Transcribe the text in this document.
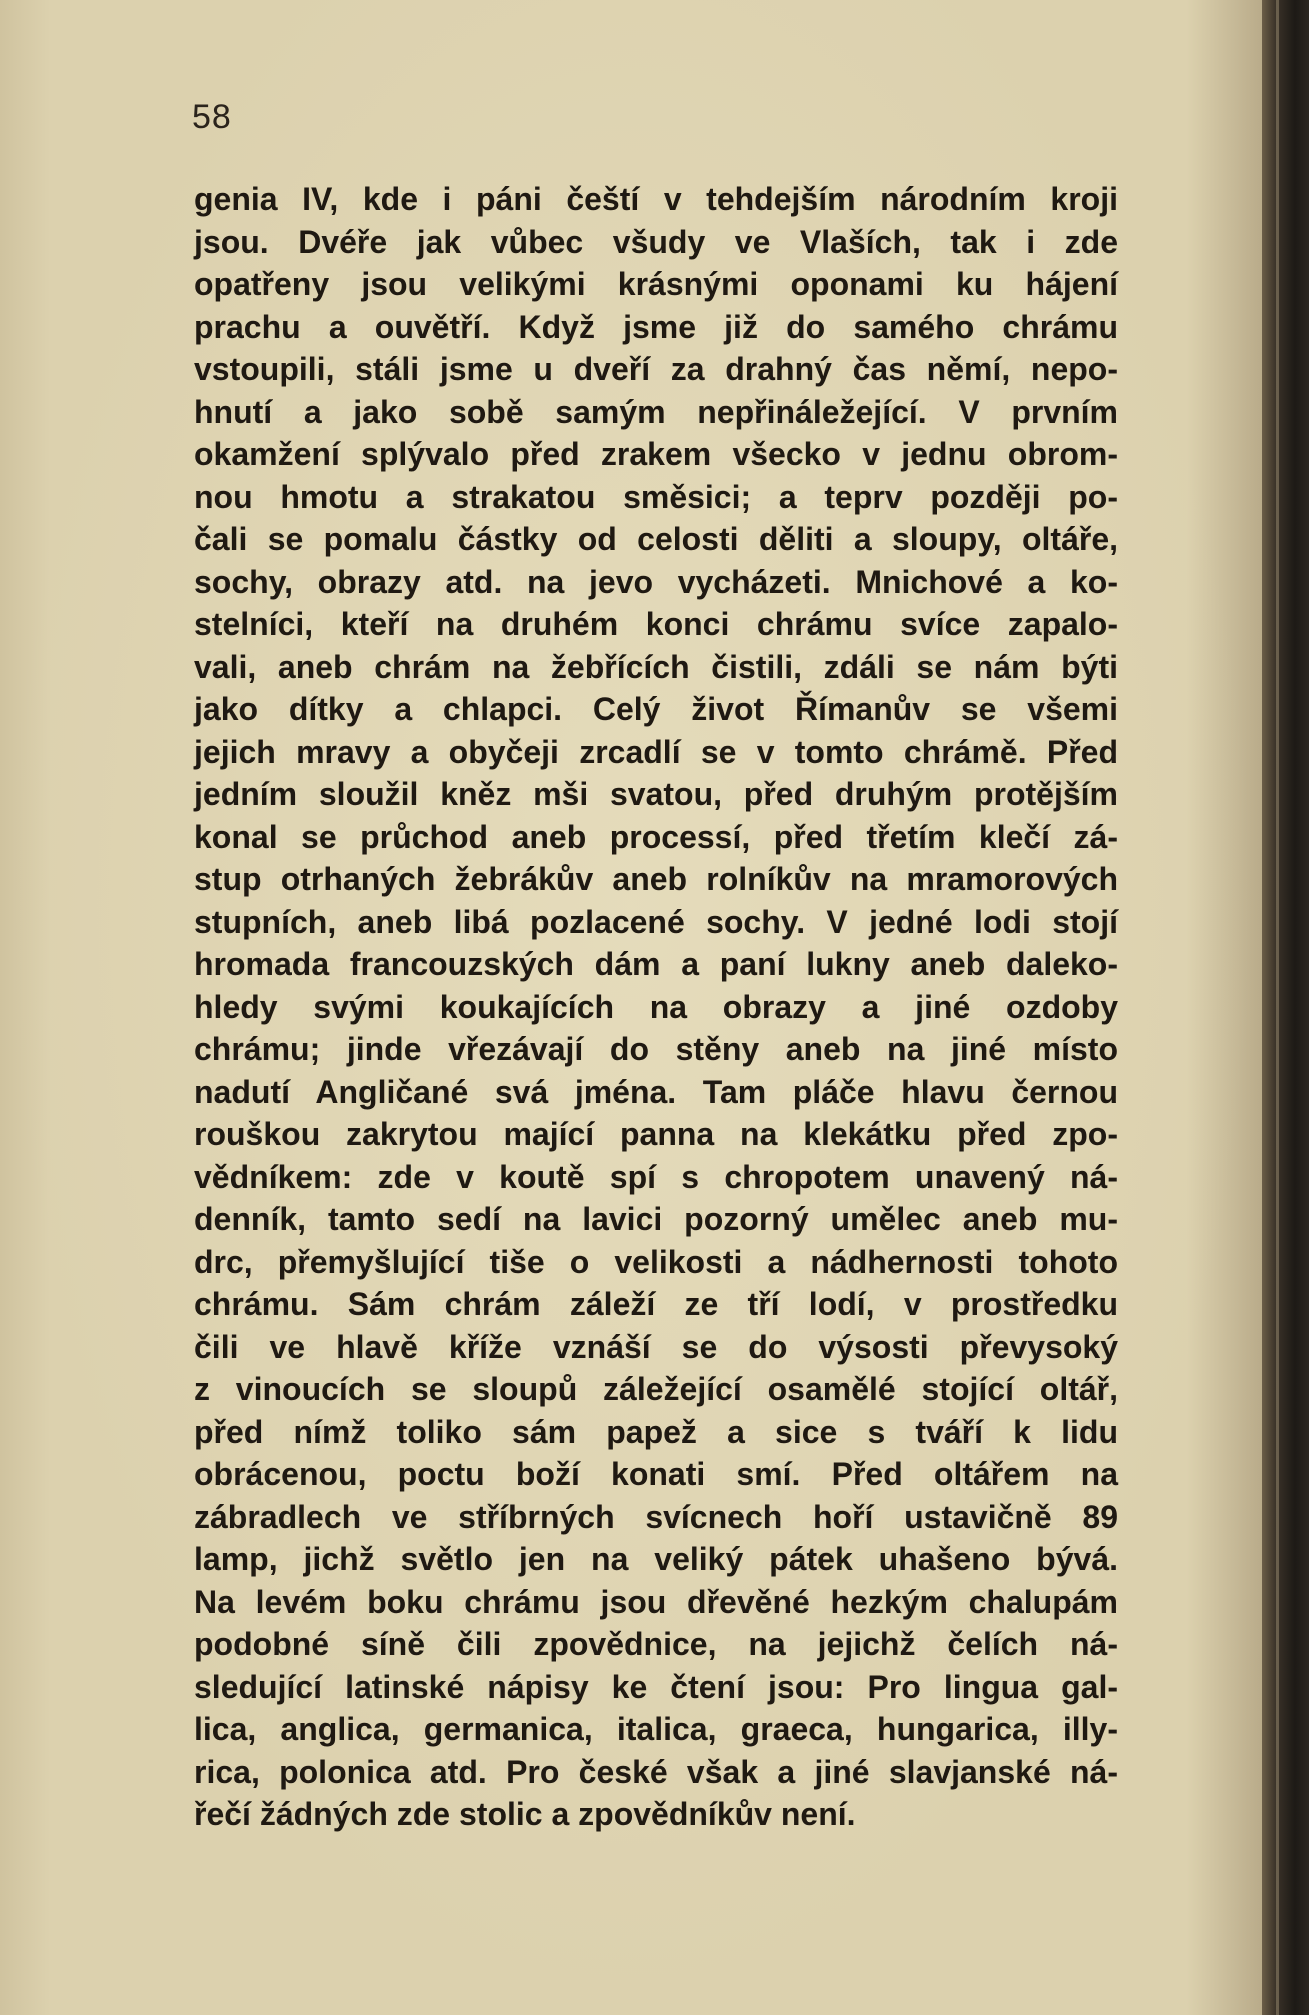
58
genia IV, kde i páni čeští v tehdejším národním kroji
jsou. Dvéře jak vůbec všudy ve Vlaších, tak i zde
opatřeny jsou velikými krásnými oponami ku hájení
prachu a ouvětří. Když jsme již do samého chrámu
vstoupili, stáli jsme u dveří za drahný čas němí, nepo-
hnutí a jako sobě samým nepřináležející. V prvním
okamžení splývalo před zrakem všecko v jednu obrom-
nou hmotu a strakatou směsici; a teprv později po-
čali se pomalu částky od celosti děliti a sloupy, oltáře,
sochy, obrazy atd. na jevo vycházeti. Mnichové a ko-
stelníci, kteří na druhém konci chrámu svíce zapalo-
vali, aneb chrám na žebřících čistili, zdáli se nám býti
jako dítky a chlapci. Celý život Římanův se všemi
jejich mravy a obyčeji zrcadlí se v tomto chrámě. Před
jedním sloužil kněz mši svatou, před druhým protějším
konal se průchod aneb processí, před třetím klečí zá-
stup otrhaných žebrákův aneb rolníkův na mramorových
stupních, aneb libá pozlacené sochy. V jedné lodi stojí
hromada francouzských dám a paní lukny aneb daleko-
hledy svými koukajících na obrazy a jiné ozdoby
chrámu; jinde vřezávají do stěny aneb na jiné místo
nadutí Angličané svá jména. Tam pláče hlavu černou
rouškou zakrytou mající panna na klekátku před zpo-
vědníkem: zde v koutě spí s chropotem unavený ná-
denník, tamto sedí na lavici pozorný umělec aneb mu-
drc, přemyšlující tiše o velikosti a nádhernosti tohoto
chrámu. Sám chrám záleží ze tří lodí, v prostředku
čili ve hlavě kříže vznáší se do výsosti převysoký
z vinoucích se sloupů záležející osamělé stojící oltář,
před nímž toliko sám papež a sice s tváří k lidu
obrácenou, poctu boží konati smí. Před oltářem na
zábradlech ve stříbrných svícnech hoří ustavičně 89
lamp, jichž světlo jen na veliký pátek uhašeno bývá.
Na levém boku chrámu jsou dřevěné hezkým chalupám
podobné síně čili zpovědnice, na jejichž čelích ná-
sledující latinské nápisy ke čtení jsou: Pro lingua gal-
lica, anglica, germanica, italica, graeca, hungarica, illy-
rica, polonica atd. Pro české však a jiné slavjanské ná-
řečí žádných zde stolic a zpovědníkův není.
